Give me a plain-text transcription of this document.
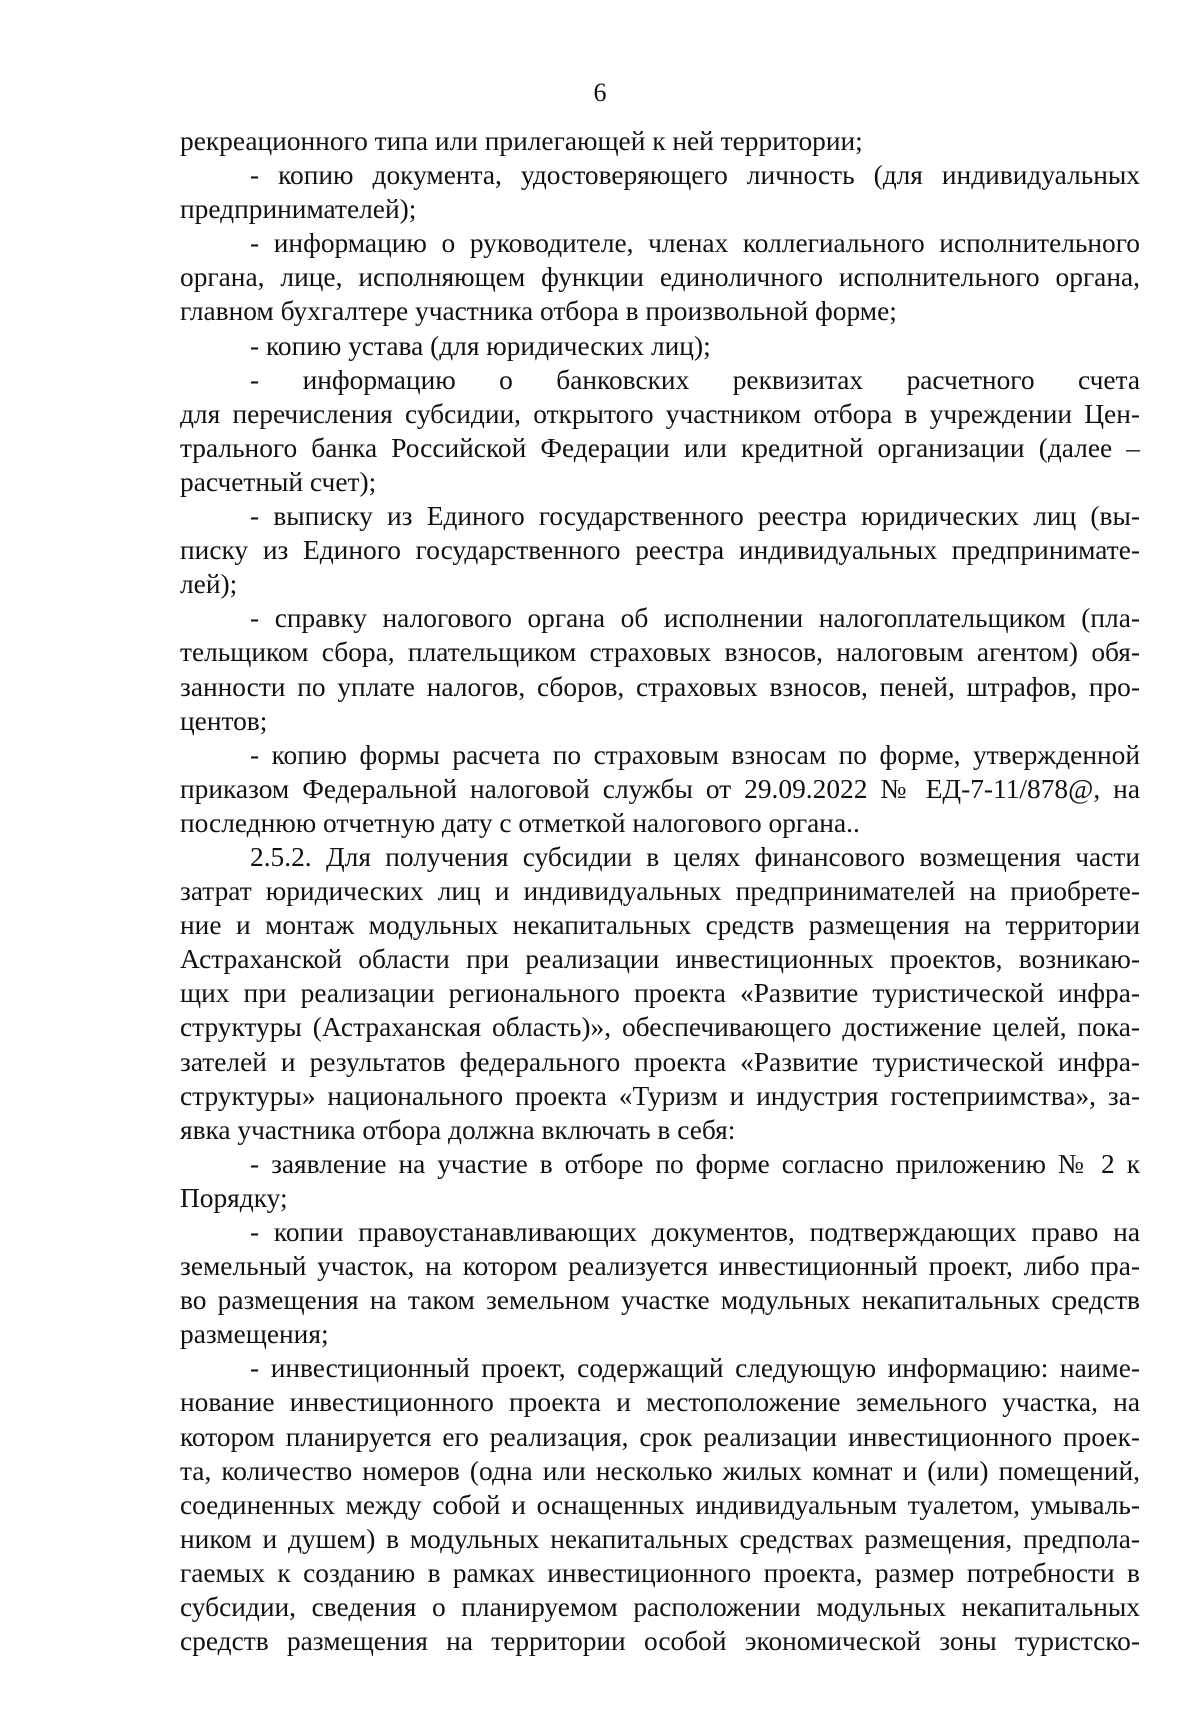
6
рекреационного типа или прилегающей к ней территории;
- копию документа, удостоверяющего личность (для индивидуальных
предпринимателей);
- информацию о руководителе, членах коллегиального исполнительного
органа, лице, исполняющем функции единоличного исполнительного органа,
главном бухгалтере участника отбора в произвольной форме;
- копию устава (для юридических лиц);
- информацию о банковских реквизитах расчетного счета
для перечисления субсидии, открытого участником отбора в учреждении Цен-
трального банка Российской Федерации или кредитной организации (далее –
расчетный счет);
- выписку из Единого государственного реестра юридических лиц (вы-
писку из Единого государственного реестра индивидуальных предпринимате-
лей);
- справку налогового органа об исполнении налогоплательщиком (пла-
тельщиком сбора, плательщиком страховых взносов, налоговым агентом) обя-
занности по уплате налогов, сборов, страховых взносов, пеней, штрафов, про-
центов;
- копию формы расчета по страховым взносам по форме, утвержденной
приказом Федеральной налоговой службы от 29.09.2022 № ЕД-7-11/878@, на
последнюю отчетную дату с отметкой налогового органа..
2.5.2. Для получения субсидии в целях финансового возмещения части
затрат юридических лиц и индивидуальных предпринимателей на приобрете-
ние и монтаж модульных некапитальных средств размещения на территории
Астраханской области при реализации инвестиционных проектов, возникаю-
щих при реализации регионального проекта «Развитие туристической инфра-
структуры (Астраханская область)», обеспечивающего достижение целей, пока-
зателей и результатов федерального проекта «Развитие туристической инфра-
структуры» национального проекта «Туризм и индустрия гостеприимства», за-
явка участника отбора должна включать в себя:
- заявление на участие в отборе по форме согласно приложению № 2 к
Порядку;
- копии правоустанавливающих документов, подтверждающих право на
земельный участок, на котором реализуется инвестиционный проект, либо пра-
во размещения на таком земельном участке модульных некапитальных средств
размещения;
- инвестиционный проект, содержащий следующую информацию: наиме-
нование инвестиционного проекта и местоположение земельного участка, на
котором планируется его реализация, срок реализации инвестиционного проек-
та, количество номеров (одна или несколько жилых комнат и (или) помещений,
соединенных между собой и оснащенных индивидуальным туалетом, умываль-
ником и душем) в модульных некапитальных средствах размещения, предпола-
гаемых к созданию в рамках инвестиционного проекта, размер потребности в
субсидии, сведения о планируемом расположении модульных некапитальных
средств размещения на территории особой экономической зоны туристско-
